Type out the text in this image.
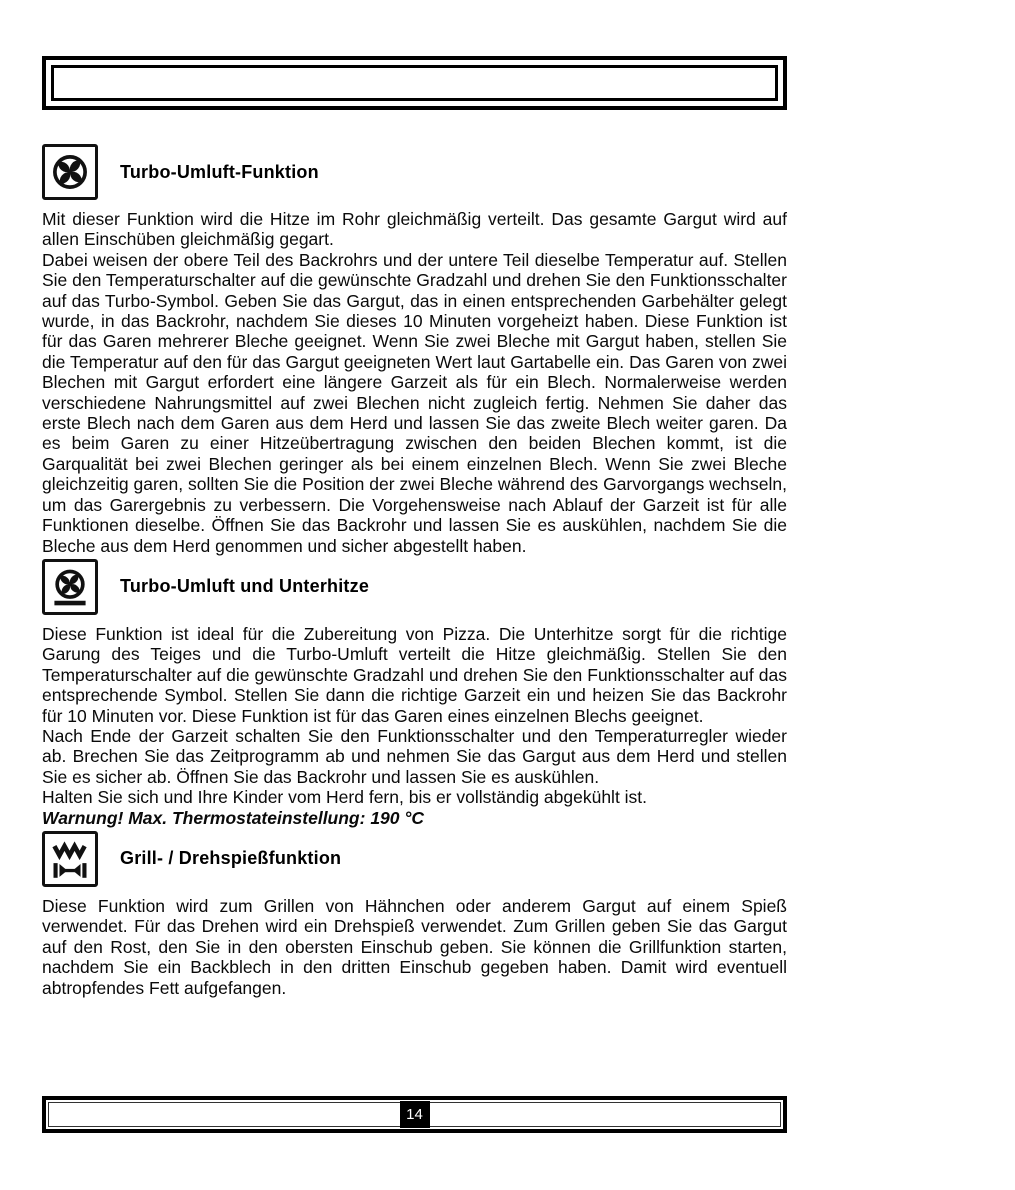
Turbo-Umluft-Funktion

Mit dieser Funktion wird die Hitze im Rohr gleichmäßig verteilt. Das gesamte Gargut wird auf allen Einschüben gleichmäßig gegart.

Dabei weisen der obere Teil des Backrohrs und der untere Teil dieselbe Temperatur auf. Stellen Sie den Temperaturschalter auf die gewünschte Gradzahl und drehen Sie den Funktionsschalter auf das Turbo-Symbol. Geben Sie das Gargut, das in einen entsprechenden Garbehälter gelegt wurde, in das Backrohr, nachdem Sie dieses 10 Minuten vorgeheizt haben. Diese Funktion ist für das Garen mehrerer Bleche geeignet. Wenn Sie zwei Bleche mit Gargut haben, stellen Sie die Temperatur auf den für das Gargut geeigneten Wert laut Gartabelle ein. Das Garen von zwei Blechen mit Gargut erfordert eine längere Garzeit als für ein Blech. Normalerweise werden verschiedene Nahrungsmittel auf zwei Blechen nicht zugleich fertig. Nehmen Sie daher das erste Blech nach dem Garen aus dem Herd und lassen Sie das zweite Blech weiter garen. Da es beim Garen zu einer Hitzeübertragung zwischen den beiden Blechen kommt, ist die Garqualität bei zwei Blechen geringer als bei einem einzelnen Blech. Wenn Sie zwei Bleche gleichzeitig garen, sollten Sie die Position der zwei Bleche während des Garvorgangs wechseln, um das Garergebnis zu verbessern. Die Vorgehensweise nach Ablauf der Garzeit ist für alle Funktionen dieselbe. Öffnen Sie das Backrohr und lassen Sie es auskühlen, nachdem Sie die Bleche aus dem Herd genommen und sicher abgestellt haben.

Turbo-Umluft und Unterhitze

Diese Funktion ist ideal für die Zubereitung von Pizza. Die Unterhitze sorgt für die richtige Garung des Teiges und die Turbo-Umluft verteilt die Hitze gleichmäßig. Stellen Sie den Temperaturschalter auf die gewünschte Gradzahl und drehen Sie den Funktionsschalter auf das entsprechende Symbol. Stellen Sie dann die richtige Garzeit ein und heizen Sie das Backrohr für 10 Minuten vor. Diese Funktion ist für das Garen eines einzelnen Blechs geeignet.

Nach Ende der Garzeit schalten Sie den Funktionsschalter und den Temperaturregler wieder ab. Brechen Sie das Zeitprogramm ab und nehmen Sie das Gargut aus dem Herd und stellen Sie es sicher ab. Öffnen Sie das Backrohr und lassen Sie es auskühlen.

Halten Sie sich und Ihre Kinder vom Herd fern, bis er vollständig abgekühlt ist.

Warnung! Max. Thermostateinstellung: 190 °C

Grill- / Drehspießfunktion

Diese Funktion wird zum Grillen von Hähnchen oder anderem Gargut auf einem Spieß verwendet. Für das Drehen wird ein Drehspieß verwendet. Zum Grillen geben Sie das Gargut auf den Rost, den Sie in den obersten Einschub geben. Sie können die Grillfunktion starten, nachdem Sie ein Backblech in den dritten Einschub gegeben haben. Damit wird eventuell abtropfendes Fett aufgefangen.

14
